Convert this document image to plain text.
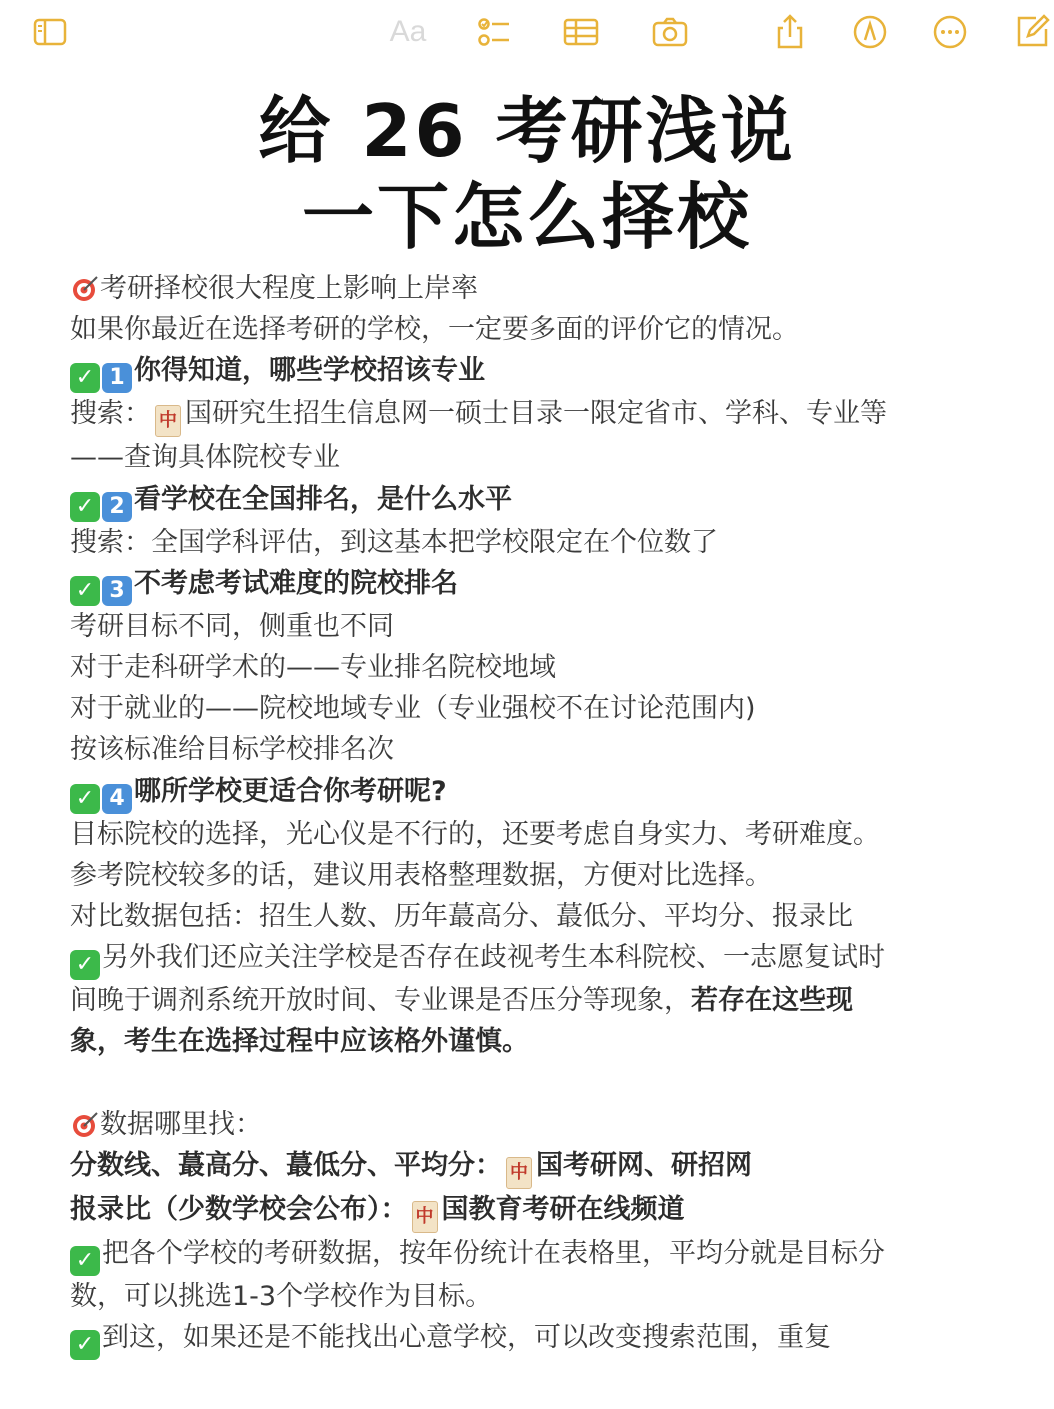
Aa
给 26 考研浅说
一下怎么择校
考研择校很大程度上影响上岸率
如果你最近在选择考研的学校，一定要多面的评价它的情况。
✓ 1 你得知道，哪些学校招该专业
搜索： 中 国研究生招生信息网一硕士目录一限定省市、学科、专业等
——查询具体院校专业
✓ 2 看学校在全国排名，是什么水平
搜索：全国学科评估，到这基本把学校限定在个位数了
✓ 3 不考虑考试难度的院校排名
考研目标不同，侧重也不同
对于走科研学术的——专业排名院校地域
对于就业的——院校地域专业（专业强校不在讨论范围内)
按该标准给目标学校排名次
✓ 4 哪所学校更适合你考研呢?
目标院校的选择，光心仪是不行的，还要考虑自身实力、考研难度。
参考院校较多的话，建议用表格整理数据，方便对比选择。
对比数据包括：招生人数、历年蕞高分、蕞低分、平均分、报录比
✓ 另外我们还应关注学校是否存在歧视考生本科院校、一志愿复试时
间晚于调剂系统开放时间、专业课是否压分等现象，若存在这些现
象，考生在选择过程中应该格外谨慎。
数据哪里找：
分数线、蕞高分、蕞低分、平均分： 中 国考研网、研招网
报录比（少数学校会公布）： 中 国教育考研在线频道
✓ 把各个学校的考研数据，按年份统计在表格里，平均分就是目标分
数，可以挑选1-3个学校作为目标。
✓ 到这，如果还是不能找出心意学校，可以改变搜索范围，重复
